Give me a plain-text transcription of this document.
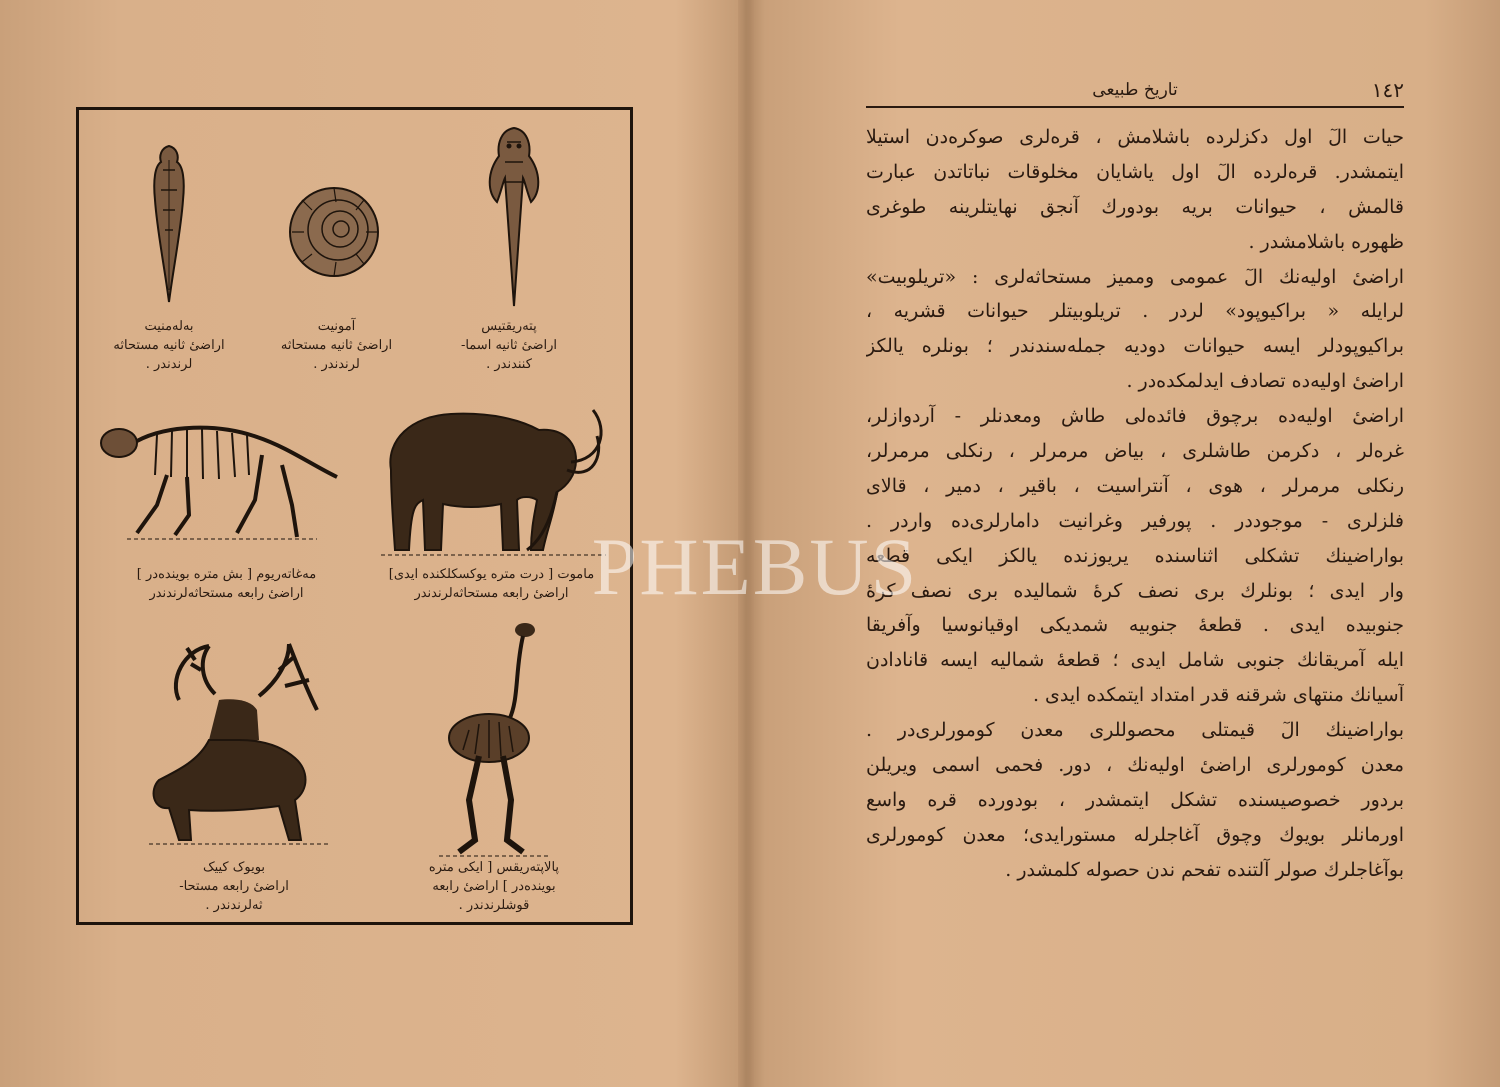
بەلەمنیت
اراضیٔ ثانیه مستحاثه
لرندندر .
آمونیت
اراضیٔ ثانیه مستحاثه
لرندندر .
پتەریقتیس
اراضیٔ ثانیه اسما-
کنندندر .
مەغاتەریوم [ بش متره بوینده‌در ]
اراضیٔ رابعه مستحاثه‌لرندندر
ماموت [ درت متره یوکسکلکنده ایدی]
اراضیٔ رابعه مستحاثه‌لرندندر
بویوک کییک
اراضیٔ رابعه مستحا-
ثه‌لرندندر .
پالاپتەریقس [ ایکی متره
بوینده‌در ] اراضیٔ رابعه
قوشلرندندر .
تاریخ طبیعی	١٤٢
حیات الٓ اول دکزلرده باشلامش ، قره‌لری صوکره‌دن استیلا
ایتمشدر. قره‌لرده الٓ اول یاشایان مخلوقات نباتاتدن عبارت
قالمش ، حیوانات بریه بودورك آنجق نهایتلرینه طوغری
ظهوره باشلامشدر .
اراضیٔ اولیه‌نك الٓ عمومی وممیز مستحاثه‌لری : «تریلوبیت»
لرایله « براکیوپود» لردر . تریلوبیتلر حیوانات قشریه ،
براکیوپودلر ایسه حیوانات دودیه جمله‌سندندر ؛ بونلره یالکز
اراضیٔ اولیه‌ده تصادف ایدلمکده‌در .
اراضیٔ اولیه‌ده برچوق فائده‌لی طاش ومعدنلر - آردوازلر،
غره‌لر ، دکرمن طاشلری ، بیاض مرمرلر ، رنکلی مرمرلر،
رنکلی مرمرلر ، هوی ، آنتراسیت ، باقیر ، دمیر ، قالای
فلزلری - موجوددر . پورفیر وغرانیت دامارلری‌ده واردر .
بواراضینك تشکلی اثناسنده یریوزنده یالکز ایکی قطعه
وار ایدی ؛ بونلرك بری نصف کرهٔ شمالیده بری نصف کرهٔ
جنوبیده ایدی . قطعهٔ جنوبیه شمدیکی اوقیانوسیا وآفریقا
ایله آمریقانك جنوبی شامل ایدی ؛ قطعهٔ شمالیه ایسه قانادادن
آسیانك منتهای شرقنه قدر امتداد ایتمکده ایدی .
بواراضینك الٓ قیمتلی محصوللری معدن کومورلری‌در .
معدن کومورلری اراضیٔ اولیه‌نك ، دور. فحمی اسمی ویریلن
بردور خصوصیسنده تشکل ایتمشدر ، بودورده قره واسع
اورمانلر بویوك وچوق آغاجلرله مستورایدی؛ معدن کومورلری
بوآغاجلرك صولر آلتنده تفحم ندن حصوله کلمشدر .
PHEBUS
